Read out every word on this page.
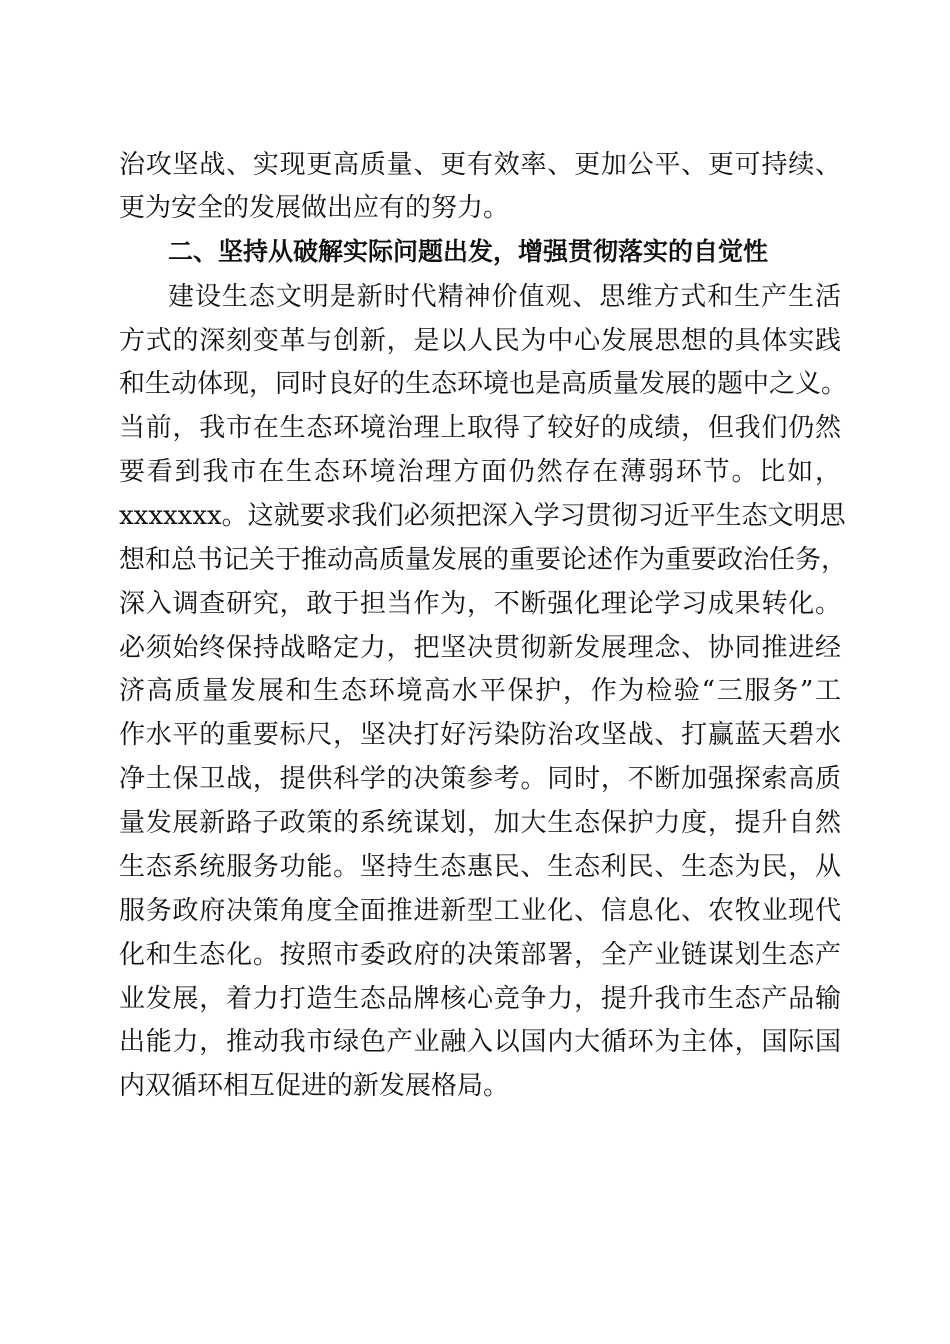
治攻坚战、实现更高质量、更有效率、更加公平、更可持续、
更为安全的发展做出应有的努力。
二、坚持从破解实际问题出发，增强贯彻落实的自觉性
建设生态文明是新时代精神价值观、思维方式和生产生活
方式的深刻变革与创新，是以人民为中心发展思想的具体实践
和生动体现，同时良好的生态环境也是高质量发展的题中之义。
当前，我市在生态环境治理上取得了较好的成绩，但我们仍然
要看到我市在生态环境治理方面仍然存在薄弱环节。比如，
xxxxxxx。这就要求我们必须把深入学习贯彻习近平生态文明思
想和总书记关于推动高质量发展的重要论述作为重要政治任务，
深入调查研究，敢于担当作为，不断强化理论学习成果转化。
必须始终保持战略定力，把坚决贯彻新发展理念、协同推进经
济高质量发展和生态环境高水平保护，作为检验“三服务”工
作水平的重要标尺，坚决打好污染防治攻坚战、打赢蓝天碧水
净土保卫战，提供科学的决策参考。同时，不断加强探索高质
量发展新路子政策的系统谋划，加大生态保护力度，提升自然
生态系统服务功能。坚持生态惠民、生态利民、生态为民，从
服务政府决策角度全面推进新型工业化、信息化、农牧业现代
化和生态化。按照市委政府的决策部署，全产业链谋划生态产
业发展，着力打造生态品牌核心竞争力，提升我市生态产品输
出能力，推动我市绿色产业融入以国内大循环为主体，国际国
内双循环相互促进的新发展格局。
